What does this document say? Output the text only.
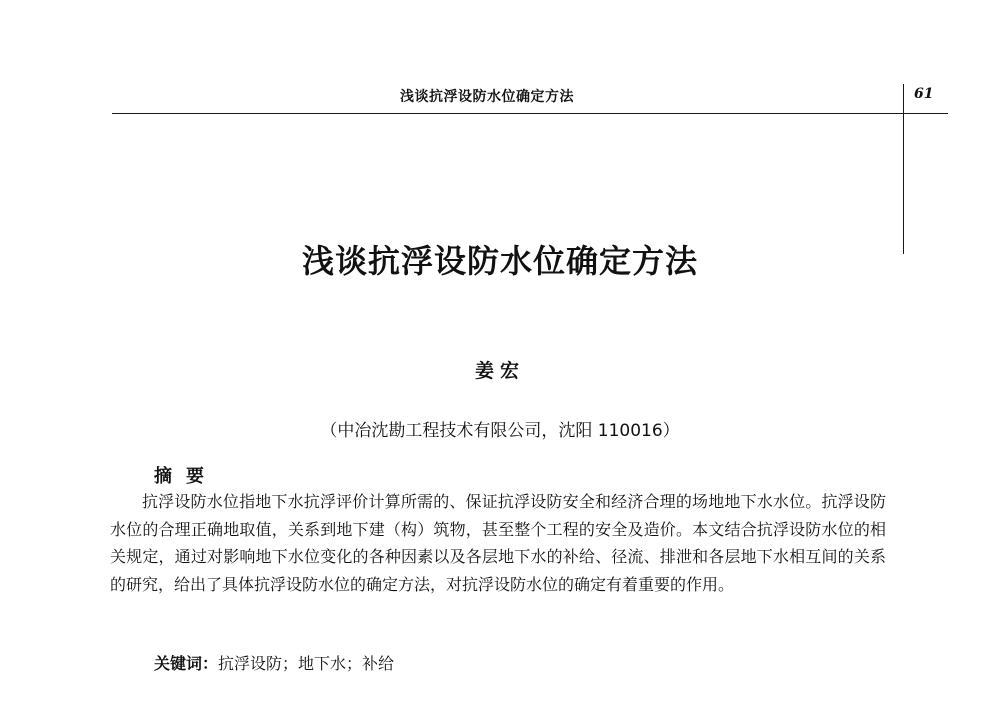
浅谈抗浮设防水位确定方法	61
浅谈抗浮设防水位确定方法
姜宏
（中冶沈勘工程技术有限公司，沈阳 110016）
摘要

抗浮设防水位指地下水抗浮评价计算所需的、保证抗浮设防安全和经济合理的场地地下水水位。抗浮设防水位的合理正确地取值，关系到地下建（构）筑物，甚至整个工程的安全及造价。本文结合抗浮设防水位的相关规定，通过对影响地下水位变化的各种因素以及各层地下水的补给、径流、排泄和各层地下水相互间的关系的研究，给出了具体抗浮设防水位的确定方法，对抗浮设防水位的确定有着重要的作用。

关键词：抗浮设防；地下水；补给
